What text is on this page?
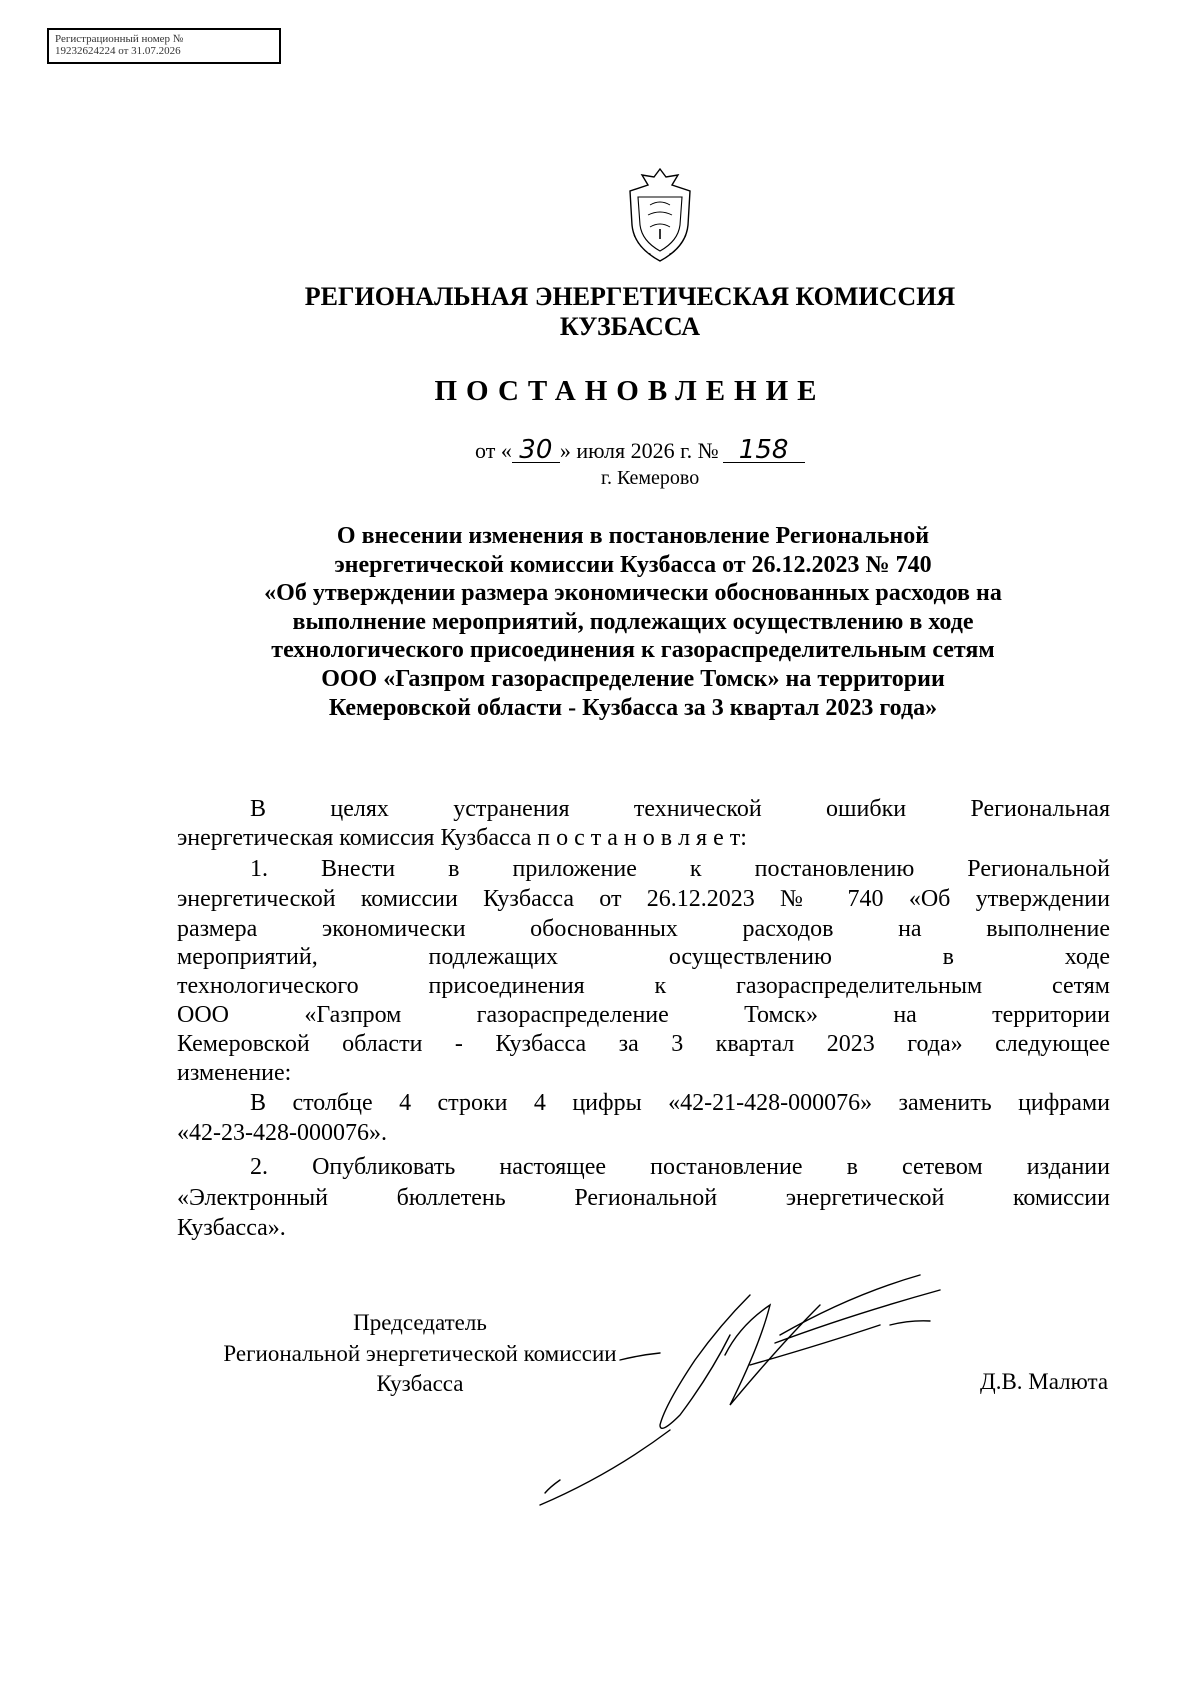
Регистрационный номер №
19232624224 от 31.07.2026
РЕГИОНАЛЬНАЯ ЭНЕРГЕТИЧЕСКАЯ КОМИССИЯ
КУЗБАССА
ПОСТАНОВЛЕНИЕ
от « 30 » июля 2026 г. № 158
г. Кемерово
О внесении изменения в постановление Региональной
энергетической комиссии Кузбасса от 26.12.2023 № 740
«Об утверждении размера экономически обоснованных расходов на
выполнение мероприятий, подлежащих осуществлению в ходе
технологического присоединения к газораспределительным сетям
ООО «Газпром газораспределение Томск» на территории
Кемеровской области - Кузбасса за 3 квартал 2023 года»
В целях устранения технической ошибки Региональная
энергетическая комиссия Кузбасса п о с т а н о в л я е т:
1. Внести в приложение к постановлению Региональной
энергетической комиссии Кузбасса от 26.12.2023 № 740 «Об утверждении
размера экономически обоснованных расходов на выполнение
мероприятий, подлежащих осуществлению в ходе
технологического присоединения к газораспределительным сетям
ООО «Газпром газораспределение Томск» на территории
Кемеровской области - Кузбасса за 3 квартал 2023 года» следующее
изменение:
В столбце 4 строки 4 цифры «42-21-428-000076» заменить цифрами
«42-23-428-000076».
2. Опубликовать настоящее постановление в сетевом издании
«Электронный бюллетень Региональной энергетической комиссии
Кузбасса».
Председатель
Региональной энергетической комиссии
Кузбасса	Д.В. Малюта
